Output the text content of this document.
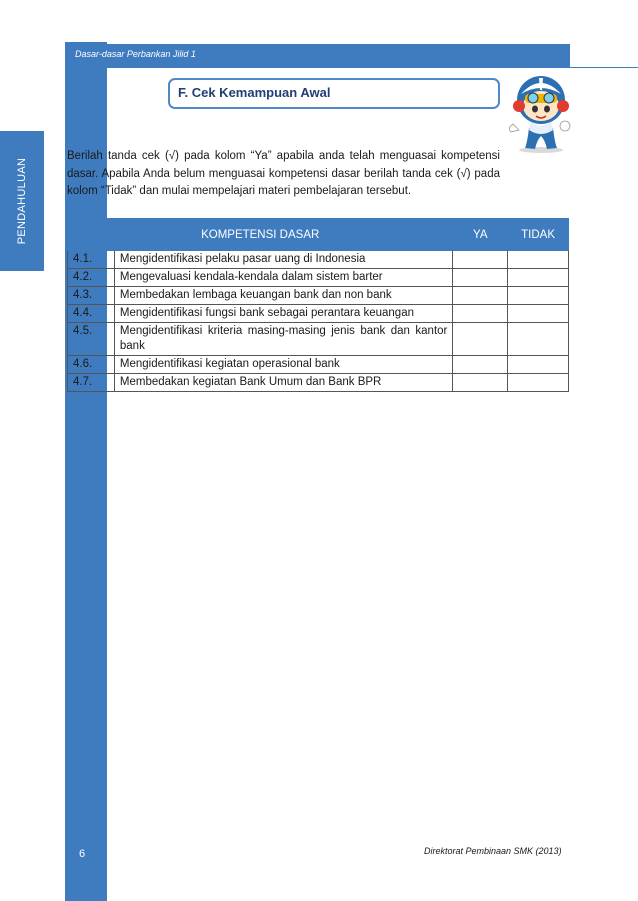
Dasar-dasar Perbankan Jilid 1
PENDAHULUAN
F. Cek Kemampuan Awal

Berilah tanda cek (√) pada kolom “Ya” apabila anda telah menguasai kompetensi dasar. Apabila Anda belum menguasai kompetensi dasar berilah tanda cek (√) pada kolom “Tidak” dan mulai mempelajari materi pembelajaran tersebut.

KOMPETENSI DASAR		YA	TIDAK
4.1.	Mengidentifikasi pelaku pasar uang di Indonesia		
4.2.	Mengevaluasi kendala-kendala dalam sistem barter		
4.3.	Membedakan lembaga keuangan bank dan non bank		
4.4.	Mengidentifikasi fungsi bank sebagai perantara keuangan		
4.5.	Mengidentifikasi kriteria masing-masing jenis bank dan kantor bank		
4.6.	Mengidentifikasi kegiatan operasional bank		
4.7.	Membedakan kegiatan Bank Umum dan Bank BPR		
Direktorat Pembinaan SMK (2013)
6
